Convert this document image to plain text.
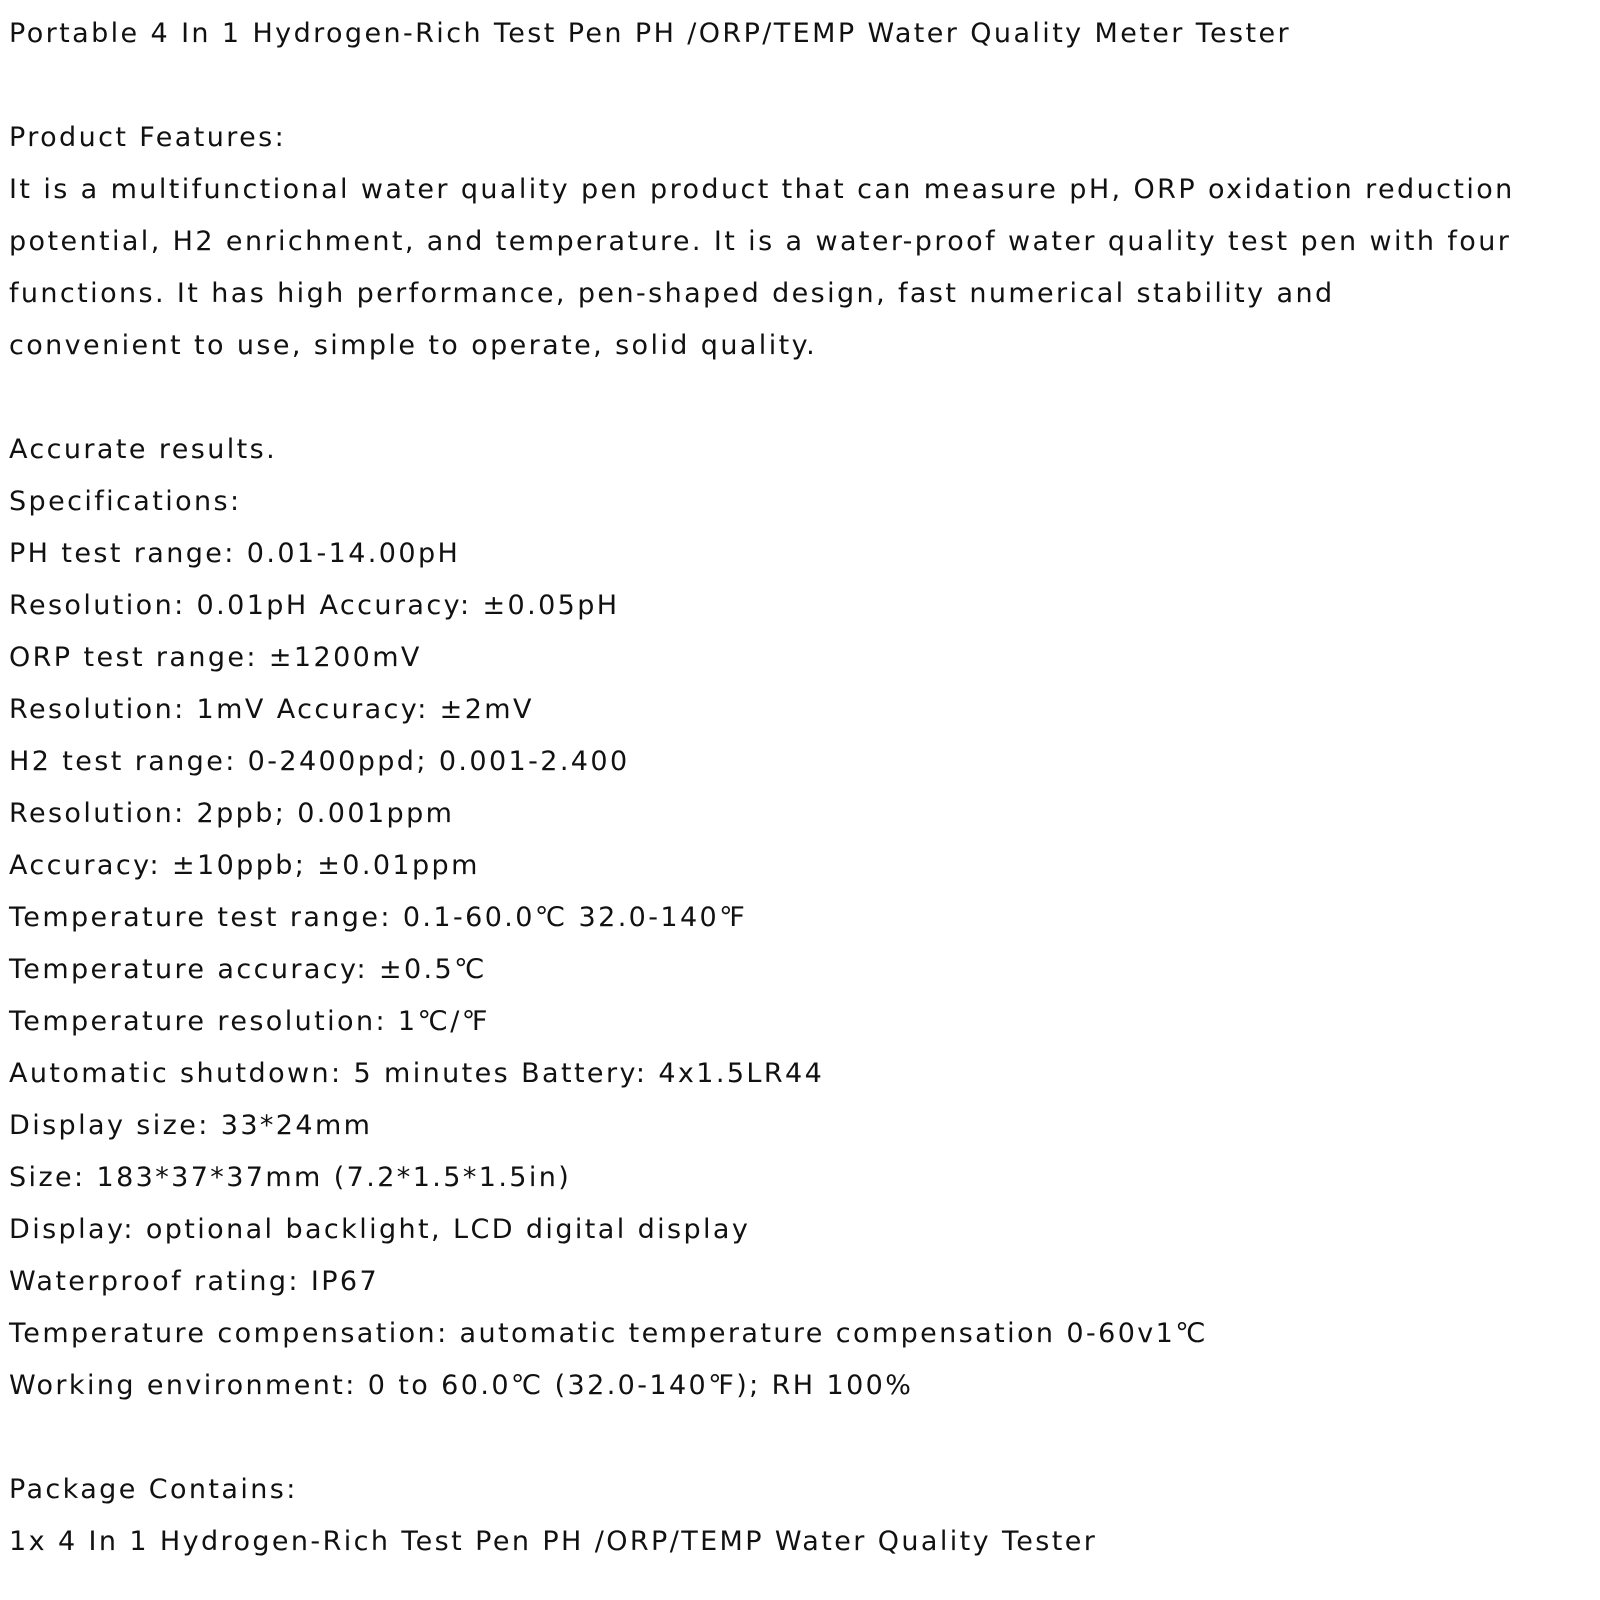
Portable 4 In 1 Hydrogen-Rich Test Pen PH /ORP/TEMP Water Quality Meter Tester
Product Features:
It is a multifunctional water quality pen product that can measure pH, ORP oxidation reduction
potential, H2 enrichment, and temperature. It is a water-proof water quality test pen with four
functions. It has high performance, pen-shaped design, fast numerical stability and
convenient to use, simple to operate, solid quality.
Accurate results.
Specifications:
PH test range: 0.01-14.00pH
Resolution: 0.01pH Accuracy: ±0.05pH
ORP test range: ±1200mV
Resolution: 1mV Accuracy: ±2mV
H2 test range: 0-2400ppd; 0.001-2.400
Resolution: 2ppb; 0.001ppm
Accuracy: ±10ppb; ±0.01ppm
Temperature test range: 0.1-60.0℃ 32.0-140℉
Temperature accuracy: ±0.5℃
Temperature resolution: 1℃/℉
Automatic shutdown: 5 minutes Battery: 4x1.5LR44
Display size: 33*24mm
Size: 183*37*37mm (7.2*1.5*1.5in)
Display: optional backlight, LCD digital display
Waterproof rating: IP67
Temperature compensation: automatic temperature compensation 0-60v1℃
Working environment: 0 to 60.0℃ (32.0-140℉); RH 100%
Package Contains:
1x 4 In 1 Hydrogen-Rich Test Pen PH /ORP/TEMP Water Quality Tester
